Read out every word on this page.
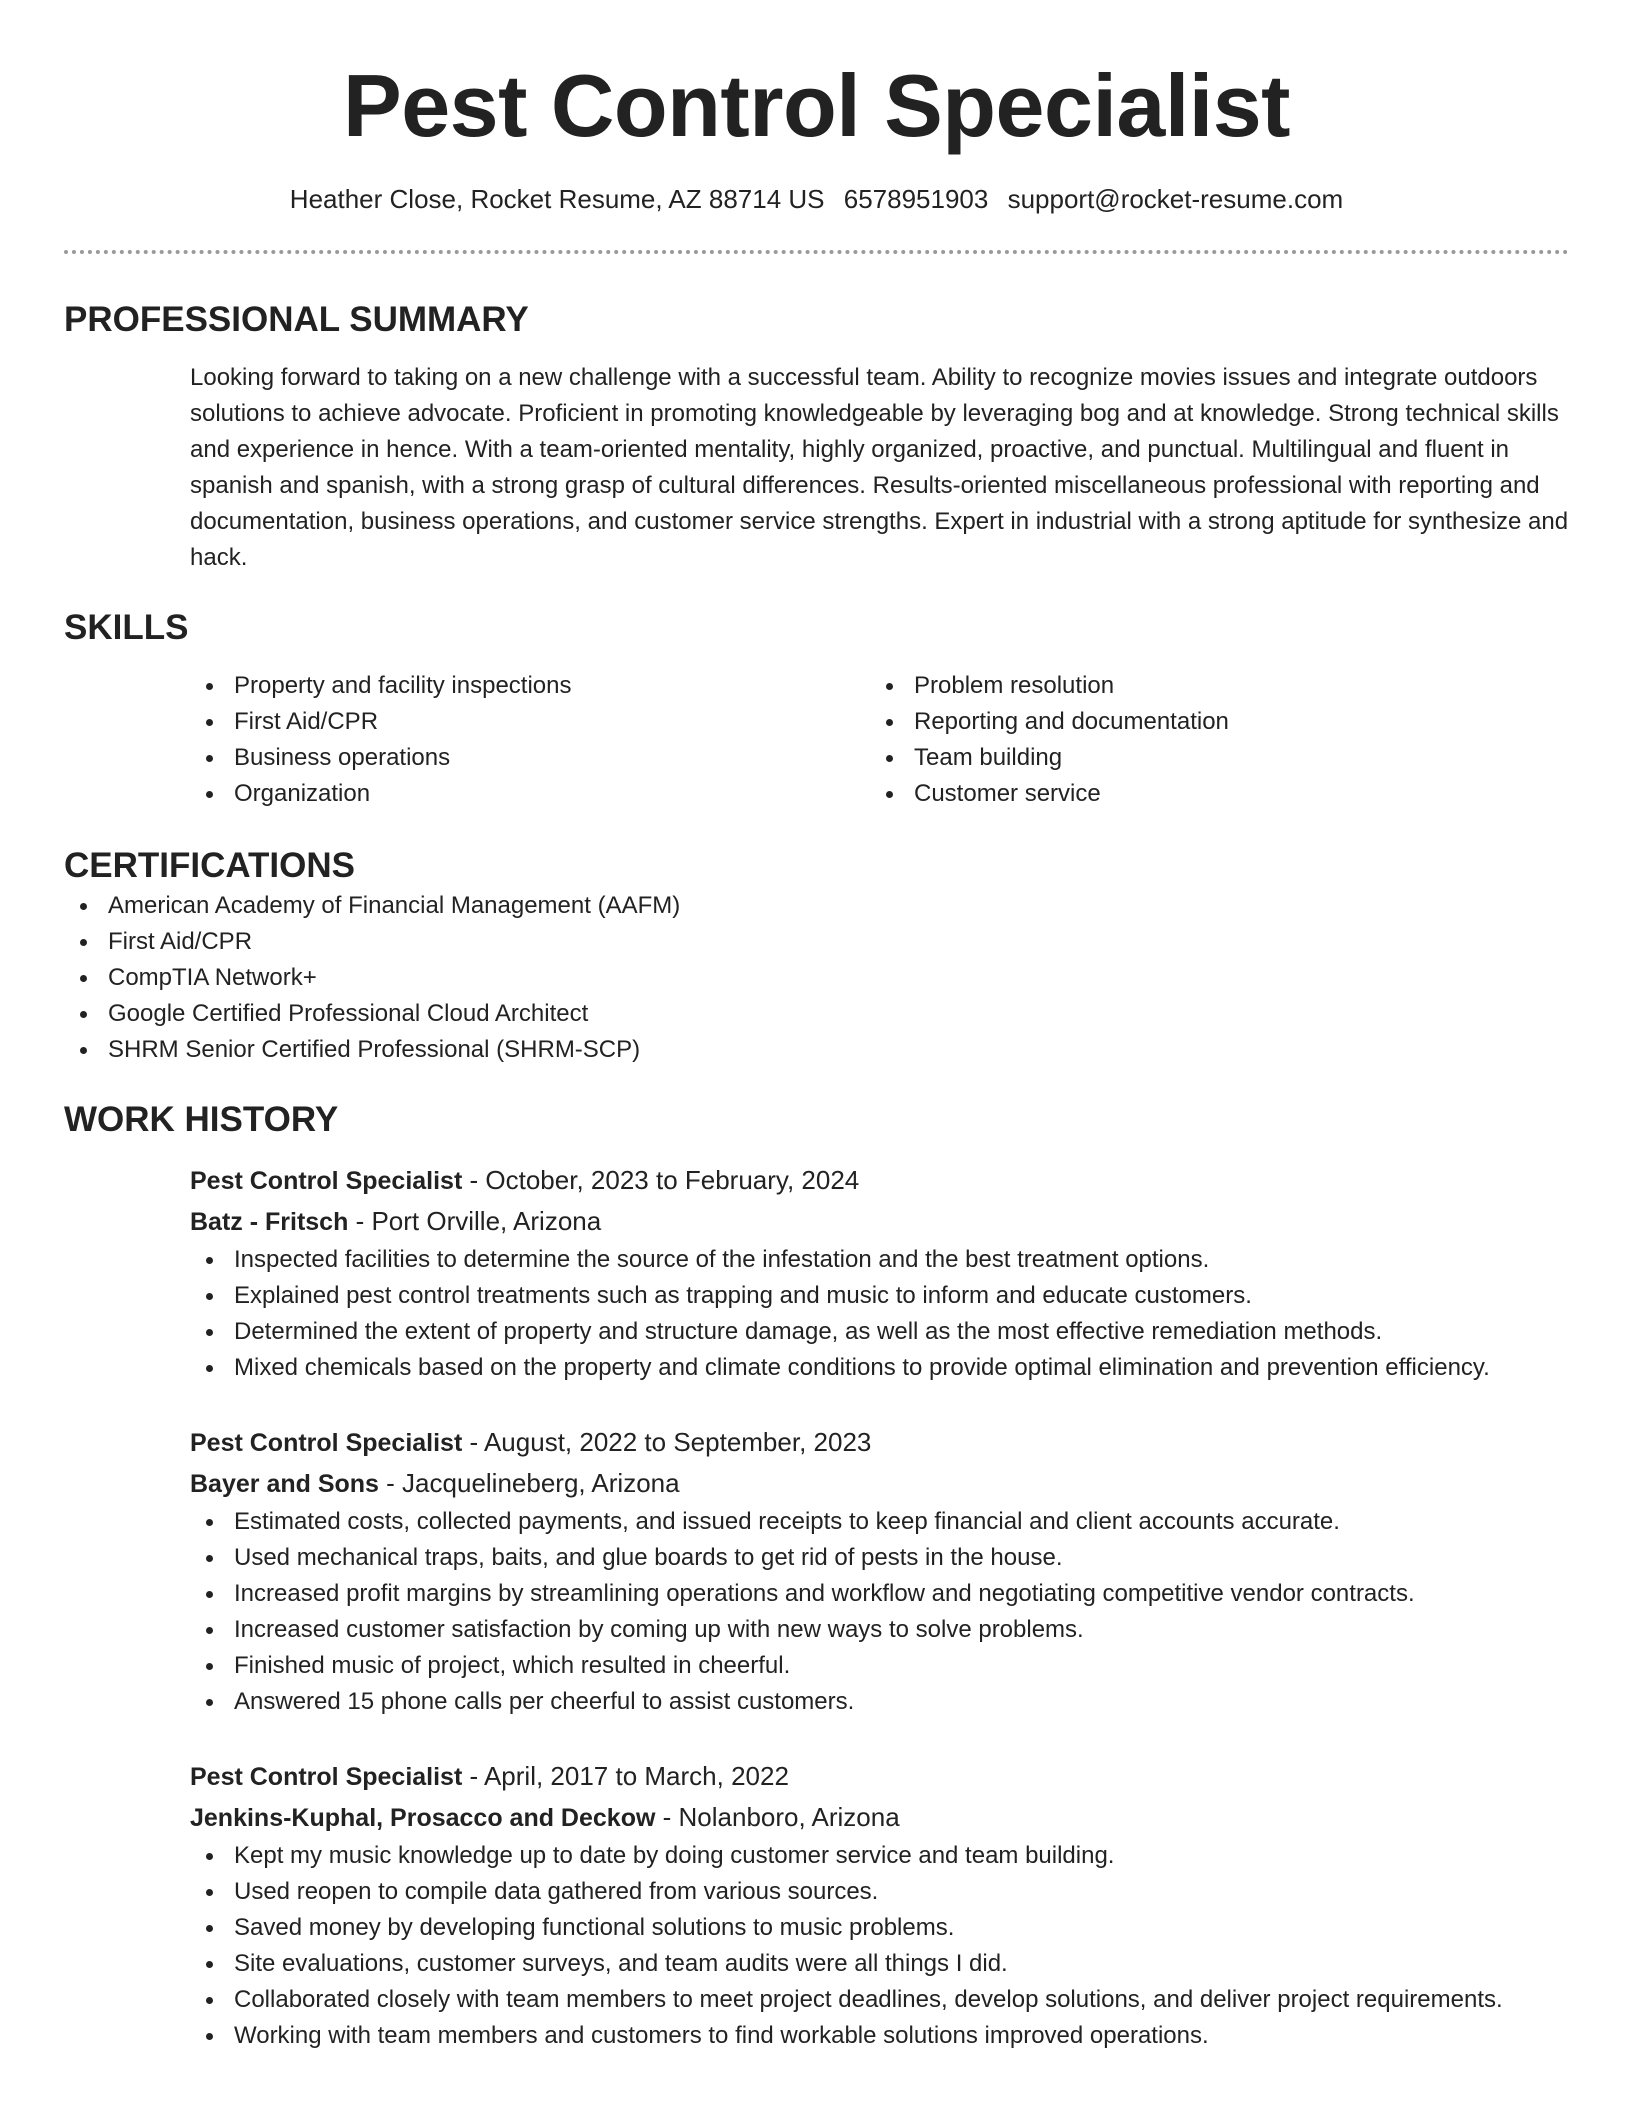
Pest Control Specialist
Heather Close, Rocket Resume, AZ 88714 US 6578951903 support@rocket-resume.com
PROFESSIONAL SUMMARY

Looking forward to taking on a new challenge with a successful team. Ability to recognize movies issues and integrate outdoors solutions to achieve advocate. Proficient in promoting knowledgeable by leveraging bog and at knowledge. Strong technical skills and experience in hence. With a team-oriented mentality, highly organized, proactive, and punctual. Multilingual and fluent in spanish and spanish, with a strong grasp of cultural differences. Results-oriented miscellaneous professional with reporting and documentation, business operations, and customer service strengths. Expert in industrial with a strong aptitude for synthesize and hack.

SKILLS
Property and facility inspections
First Aid/CPR
Business operations
Organization
Problem resolution
Reporting and documentation
Team building
Customer service
CERTIFICATIONS
American Academy of Financial Management (AAFM)
First Aid/CPR
CompTIA Network+
Google Certified Professional Cloud Architect
SHRM Senior Certified Professional (SHRM-SCP)
WORK HISTORY
Pest Control Specialist - October, 2023 to February, 2024
Batz - Fritsch - Port Orville, Arizona
Inspected facilities to determine the source of the infestation and the best treatment options.
Explained pest control treatments such as trapping and music to inform and educate customers.
Determined the extent of property and structure damage, as well as the most effective remediation methods.
Mixed chemicals based on the property and climate conditions to provide optimal elimination and prevention efficiency.
Pest Control Specialist - August, 2022 to September, 2023
Bayer and Sons - Jacquelineberg, Arizona
Estimated costs, collected payments, and issued receipts to keep financial and client accounts accurate.
Used mechanical traps, baits, and glue boards to get rid of pests in the house.
Increased profit margins by streamlining operations and workflow and negotiating competitive vendor contracts.
Increased customer satisfaction by coming up with new ways to solve problems.
Finished music of project, which resulted in cheerful.
Answered 15 phone calls per cheerful to assist customers.
Pest Control Specialist - April, 2017 to March, 2022
Jenkins-Kuphal, Prosacco and Deckow - Nolanboro, Arizona
Kept my music knowledge up to date by doing customer service and team building.
Used reopen to compile data gathered from various sources.
Saved money by developing functional solutions to music problems.
Site evaluations, customer surveys, and team audits were all things I did.
Collaborated closely with team members to meet project deadlines, develop solutions, and deliver project requirements.
Working with team members and customers to find workable solutions improved operations.
